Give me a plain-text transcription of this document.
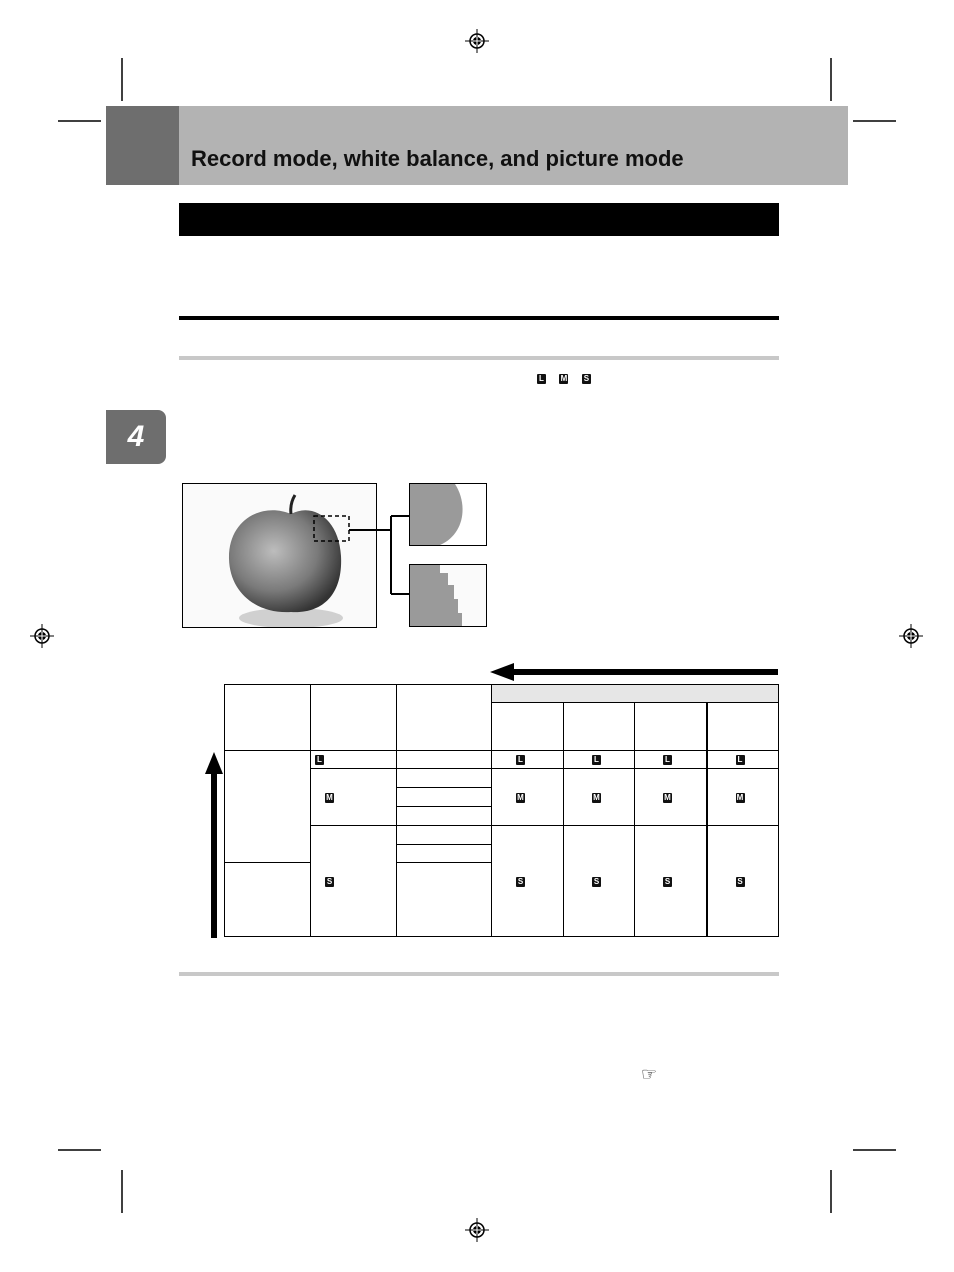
Record mode, white balance, and picture mode
L M S
4

	L		L	L	L	L
	M		M	M	M	M

	S		S	S	S	S

☞
